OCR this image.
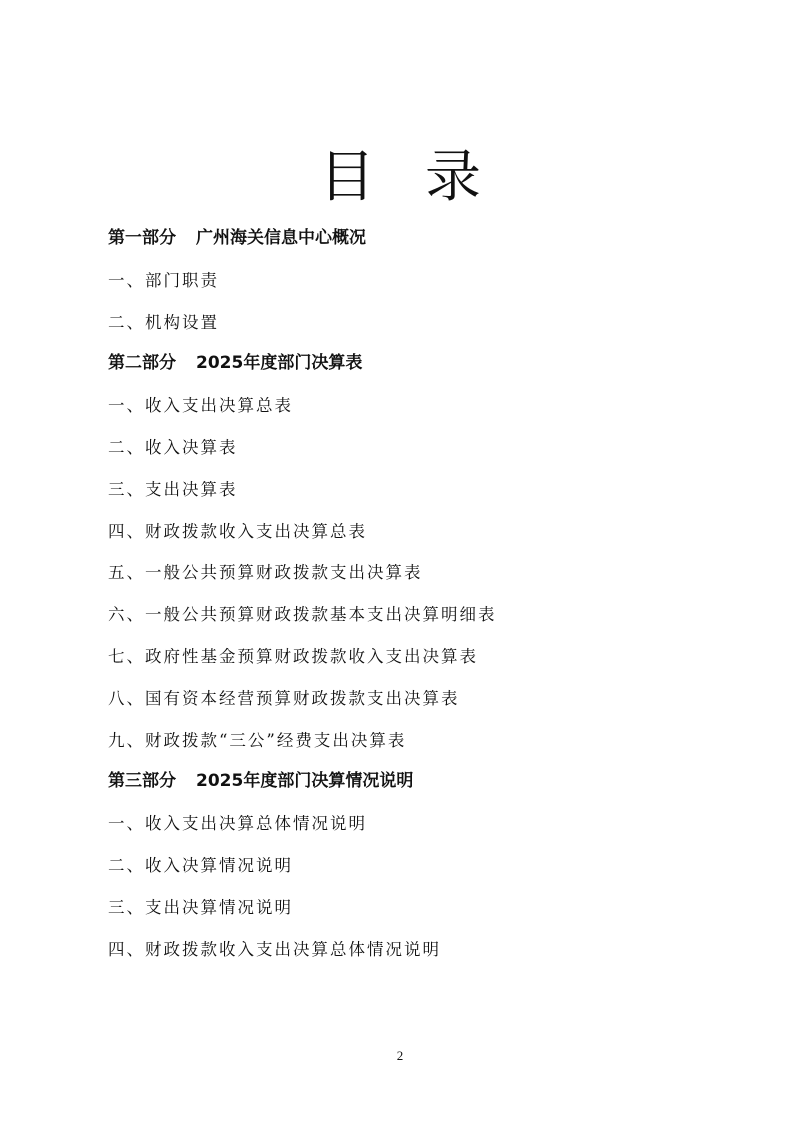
目录
第一部分 广州海关信息中心概况
一、部门职责
二、机构设置
第二部分 2025年度部门决算表
一、收入支出决算总表
二、收入决算表
三、支出决算表
四、财政拨款收入支出决算总表
五、一般公共预算财政拨款支出决算表
六、一般公共预算财政拨款基本支出决算明细表
七、政府性基金预算财政拨款收入支出决算表
八、国有资本经营预算财政拨款支出决算表
九、财政拨款“三公”经费支出决算表
第三部分 2025年度部门决算情况说明
一、收入支出决算总体情况说明
二、收入决算情况说明
三、支出决算情况说明
四、财政拨款收入支出决算总体情况说明
2
